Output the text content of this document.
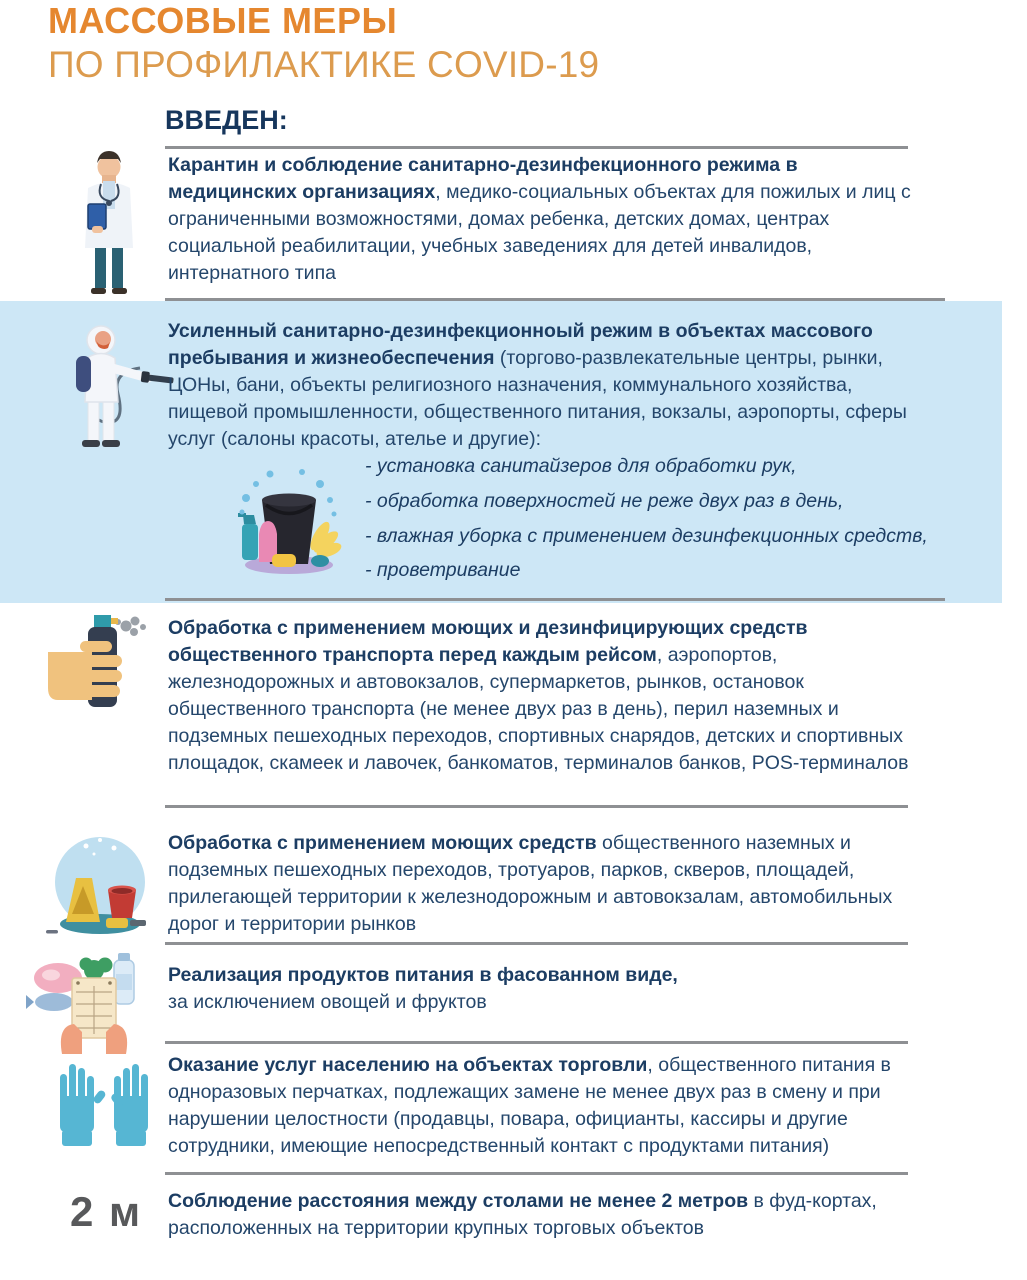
МАССОВЫЕ МЕРЫ
ПО ПРОФИЛАКТИКЕ COVID-19
ВВЕДЕН:
Карантин и соблюдение санитарно-дезинфекционного режима в медицинских организациях, медико-социальных объектах для пожилых и лиц с ограниченными возможностями, домах ребенка, детских домах, центрах социальной реабилитации, учебных заведениях для детей инвалидов, интернатного типа
Усиленный санитарно-дезинфекционноый режим в объектах массового пребывания и жизнеобеспечения (торгово-развлекательные центры, рынки, ЦОНы, бани, объекты религиозного назначения, коммунального хозяйства, пищевой промышленности, общественного питания, вокзалы, аэропорты, сферы услуг (салоны красоты, ателье и другие):
- установка санитайзеров для обработки рук,
- обработка поверхностей не реже двух раз в день,
- влажная уборка с применением дезинфекционных средств,
- проветривание
Обработка с применением моющих и дезинфицирующих средств общественного транспорта перед каждым рейсом, аэропортов, железнодорожных и автовокзалов, супермаркетов, рынков, остановок общественного транспорта (не менее двух раз в день), перил наземных и подземных пешеходных переходов, спортивных снарядов, детских и спортивных площадок, скамеек и лавочек, банкоматов, терминалов банков, POS-терминалов
Обработка с применением моющих средств общественного наземных и подземных пешеходных переходов, тротуаров, парков, скверов, площадей, прилегающей территории к железнодорожным и автовокзалам, автомобильных дорог и территории рынков
Реализация продуктов питания в фасованном виде,
за исключением овощей и фруктов
Оказание услуг населению на объектах торговли, общественного питания в одноразовых перчатках, подлежащих замене не менее двух раз в смену и при нарушении целостности (продавцы, повара, официанты, кассиры и другие сотрудники, имеющие непосредственный контакт с продуктами питания)
2 м Соблюдение расстояния между столами не менее 2 метров в фуд-кортах, расположенных на территории крупных торговых объектов
